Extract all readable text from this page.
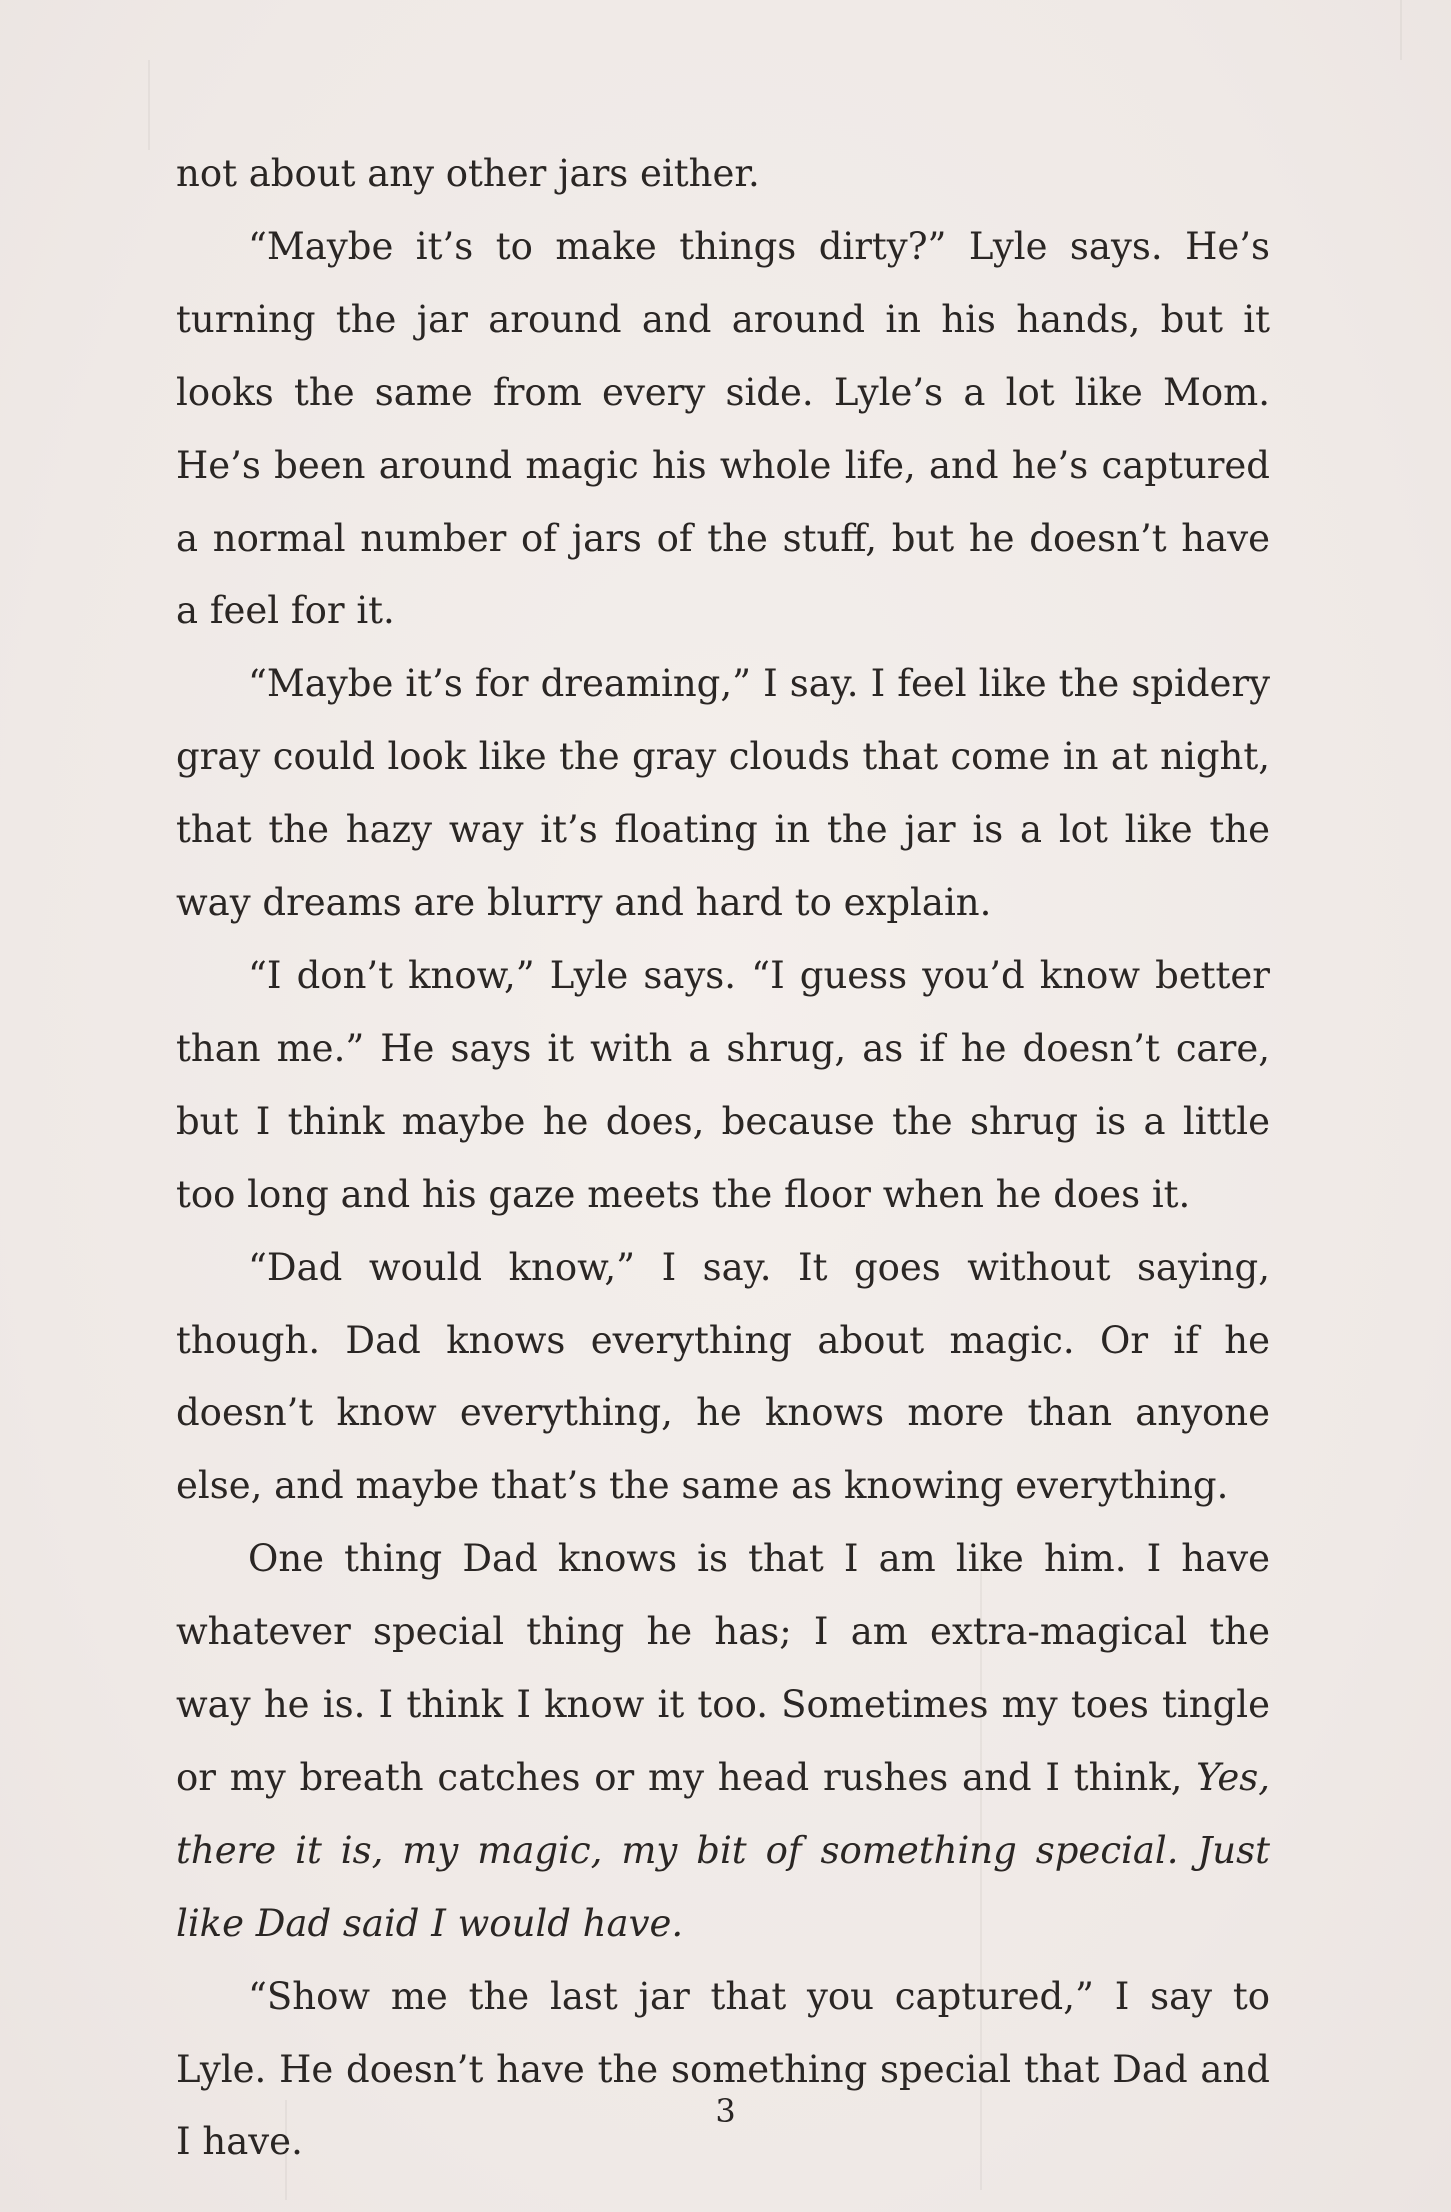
not about any other jars either.

“Maybe it’s to make things dirty?” Lyle says. He’s turning the jar around and around in his hands, but it looks the same from every side. Lyle’s a lot like Mom. He’s been around magic his whole life, and he’s captured a normal number of jars of the stuff, but he doesn’t have a feel for it.

“Maybe it’s for dreaming,” I say. I feel like the spidery gray could look like the gray clouds that come in at night, that the hazy way it’s floating in the jar is a lot like the way dreams are blurry and hard to explain.

“I don’t know,” Lyle says. “I guess you’d know better than me.” He says it with a shrug, as if he doesn’t care, but I think maybe he does, because the shrug is a little too long and his gaze meets the floor when he does it.

“Dad would know,” I say. It goes without saying, though. Dad knows everything about magic. Or if he doesn’t know everything, he knows more than anyone else, and maybe that’s the same as knowing everything.

One thing Dad knows is that I am like him. I have whatever special thing he has; I am extra-magical the way he is. I think I know it too. Sometimes my toes tingle or my breath catches or my head rushes and I think, Yes, there it is, my magic, my bit of something special. Just like Dad said I would have.

“Show me the last jar that you captured,” I say to Lyle. He doesn’t have the something special that Dad and I have.

3
